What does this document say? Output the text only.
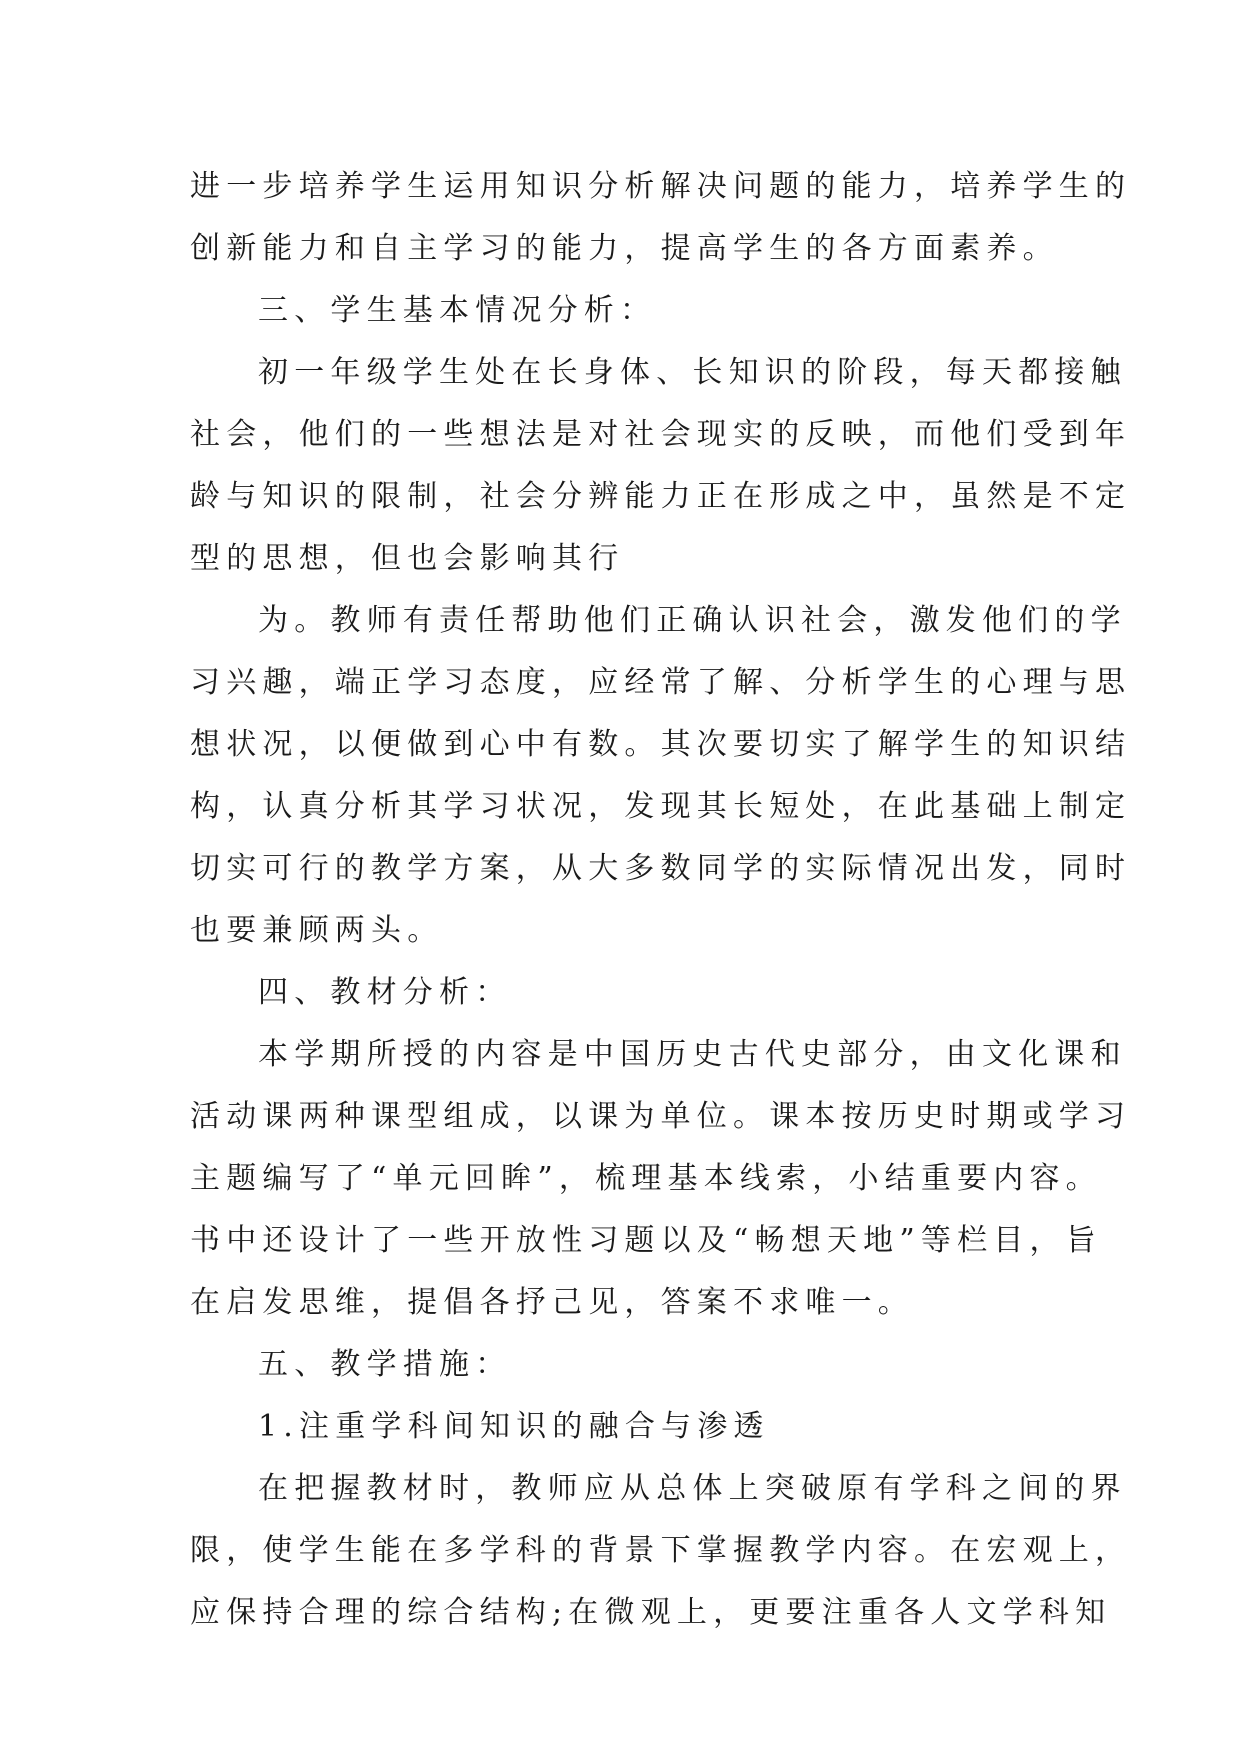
进一步培养学生运用知识分析解决问题的能力，培养学生的
创新能力和自主学习的能力，提高学生的各方面素养。
三、学生基本情况分析：
初一年级学生处在长身体、长知识的阶段，每天都接触
社会，他们的一些想法是对社会现实的反映，而他们受到年
龄与知识的限制，社会分辨能力正在形成之中，虽然是不定
型的思想，但也会影响其行
为。教师有责任帮助他们正确认识社会，激发他们的学
习兴趣，端正学习态度，应经常了解、分析学生的心理与思
想状况，以便做到心中有数。其次要切实了解学生的知识结
构，认真分析其学习状况，发现其长短处，在此基础上制定
切实可行的教学方案，从大多数同学的实际情况出发，同时
也要兼顾两头。
四、教材分析：
本学期所授的内容是中国历史古代史部分，由文化课和
活动课两种课型组成，以课为单位。课本按历史时期或学习
主题编写了“单元回眸”，梳理基本线索，小结重要内容。
书中还设计了一些开放性习题以及“畅想天地”等栏目，旨
在启发思维，提倡各抒己见，答案不求唯一。
五、教学措施：
1.注重学科间知识的融合与渗透
在把握教材时，教师应从总体上突破原有学科之间的界
限，使学生能在多学科的背景下掌握教学内容。在宏观上，
应保持合理的综合结构;在微观上，更要注重各人文学科知
